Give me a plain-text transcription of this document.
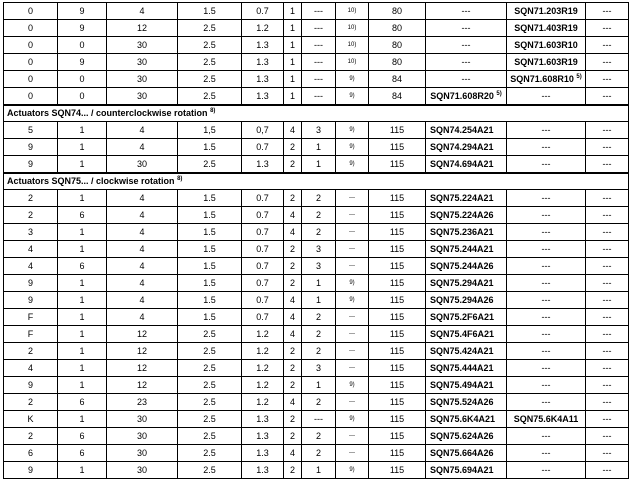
0	9	4	1.5	0.7	1	---	10)	80	---	SQN71.203R19	---
0	9	12	2.5	1.2	1	---	10)	80	---	SQN71.403R19	---
0	0	30	2.5	1.3	1	---	10)	80	---	SQN71.603R10	---
0	9	30	2.5	1.3	1	---	10)	80	---	SQN71.603R19	---
0	0	30	2.5	1.3	1	---	9)	84	---	SQN71.608R10 $^{5)}$	---
0	0	30	2.5	1.3	1	---	9)	84	SQN71.608R20 $^{5)}$	---	---
Actuators SQN74... / counterclockwise rotation $^{8)}$
5	1	4	1,5	0,7	4	3	9)	115	SQN74.254A21	---	---
9	1	4	1.5	0.7	2	1	9)	115	SQN74.294A21	---	---
9	1	30	2.5	1.3	2	1	9)	115	SQN74.694A21	---	---
Actuators SQN75... / clockwise rotation $^{8)}$
2	1	4	1.5	0.7	2	2	---	115	SQN75.224A21	---	---
2	6	4	1.5	0.7	4	2	---	115	SQN75.224A26	---	---
3	1	4	1.5	0.7	4	2	---	115	SQN75.236A21	---	---
4	1	4	1.5	0.7	2	3	---	115	SQN75.244A21	---	---
4	6	4	1.5	0.7	2	3	---	115	SQN75.244A26	---	---
9	1	4	1.5	0.7	2	1	9)	115	SQN75.294A21	---	---
9	1	4	1.5	0.7	4	1	9)	115	SQN75.294A26	---	---
F	1	4	1.5	0.7	4	2	---	115	SQN75.2F6A21	---	---
F	1	12	2.5	1.2	4	2	---	115	SQN75.4F6A21	---	---
2	1	12	2.5	1.2	2	2	---	115	SQN75.424A21	---	---
4	1	12	2.5	1.2	2	3	---	115	SQN75.444A21	---	---
9	1	12	2.5	1.2	2	1	9)	115	SQN75.494A21	---	---
2	6	23	2.5	1.2	4	2	---	115	SQN75.524A26	---	---
K	1	30	2.5	1.3	2	---	9)	115	SQN75.6K4A21	SQN75.6K4A11	---
2	6	30	2.5	1.3	2	2	---	115	SQN75.624A26	---	---
6	6	30	2.5	1.3	4	2	---	115	SQN75.664A26	---	---
9	1	30	2.5	1.3	2	1	9)	115	SQN75.694A21	---	---
